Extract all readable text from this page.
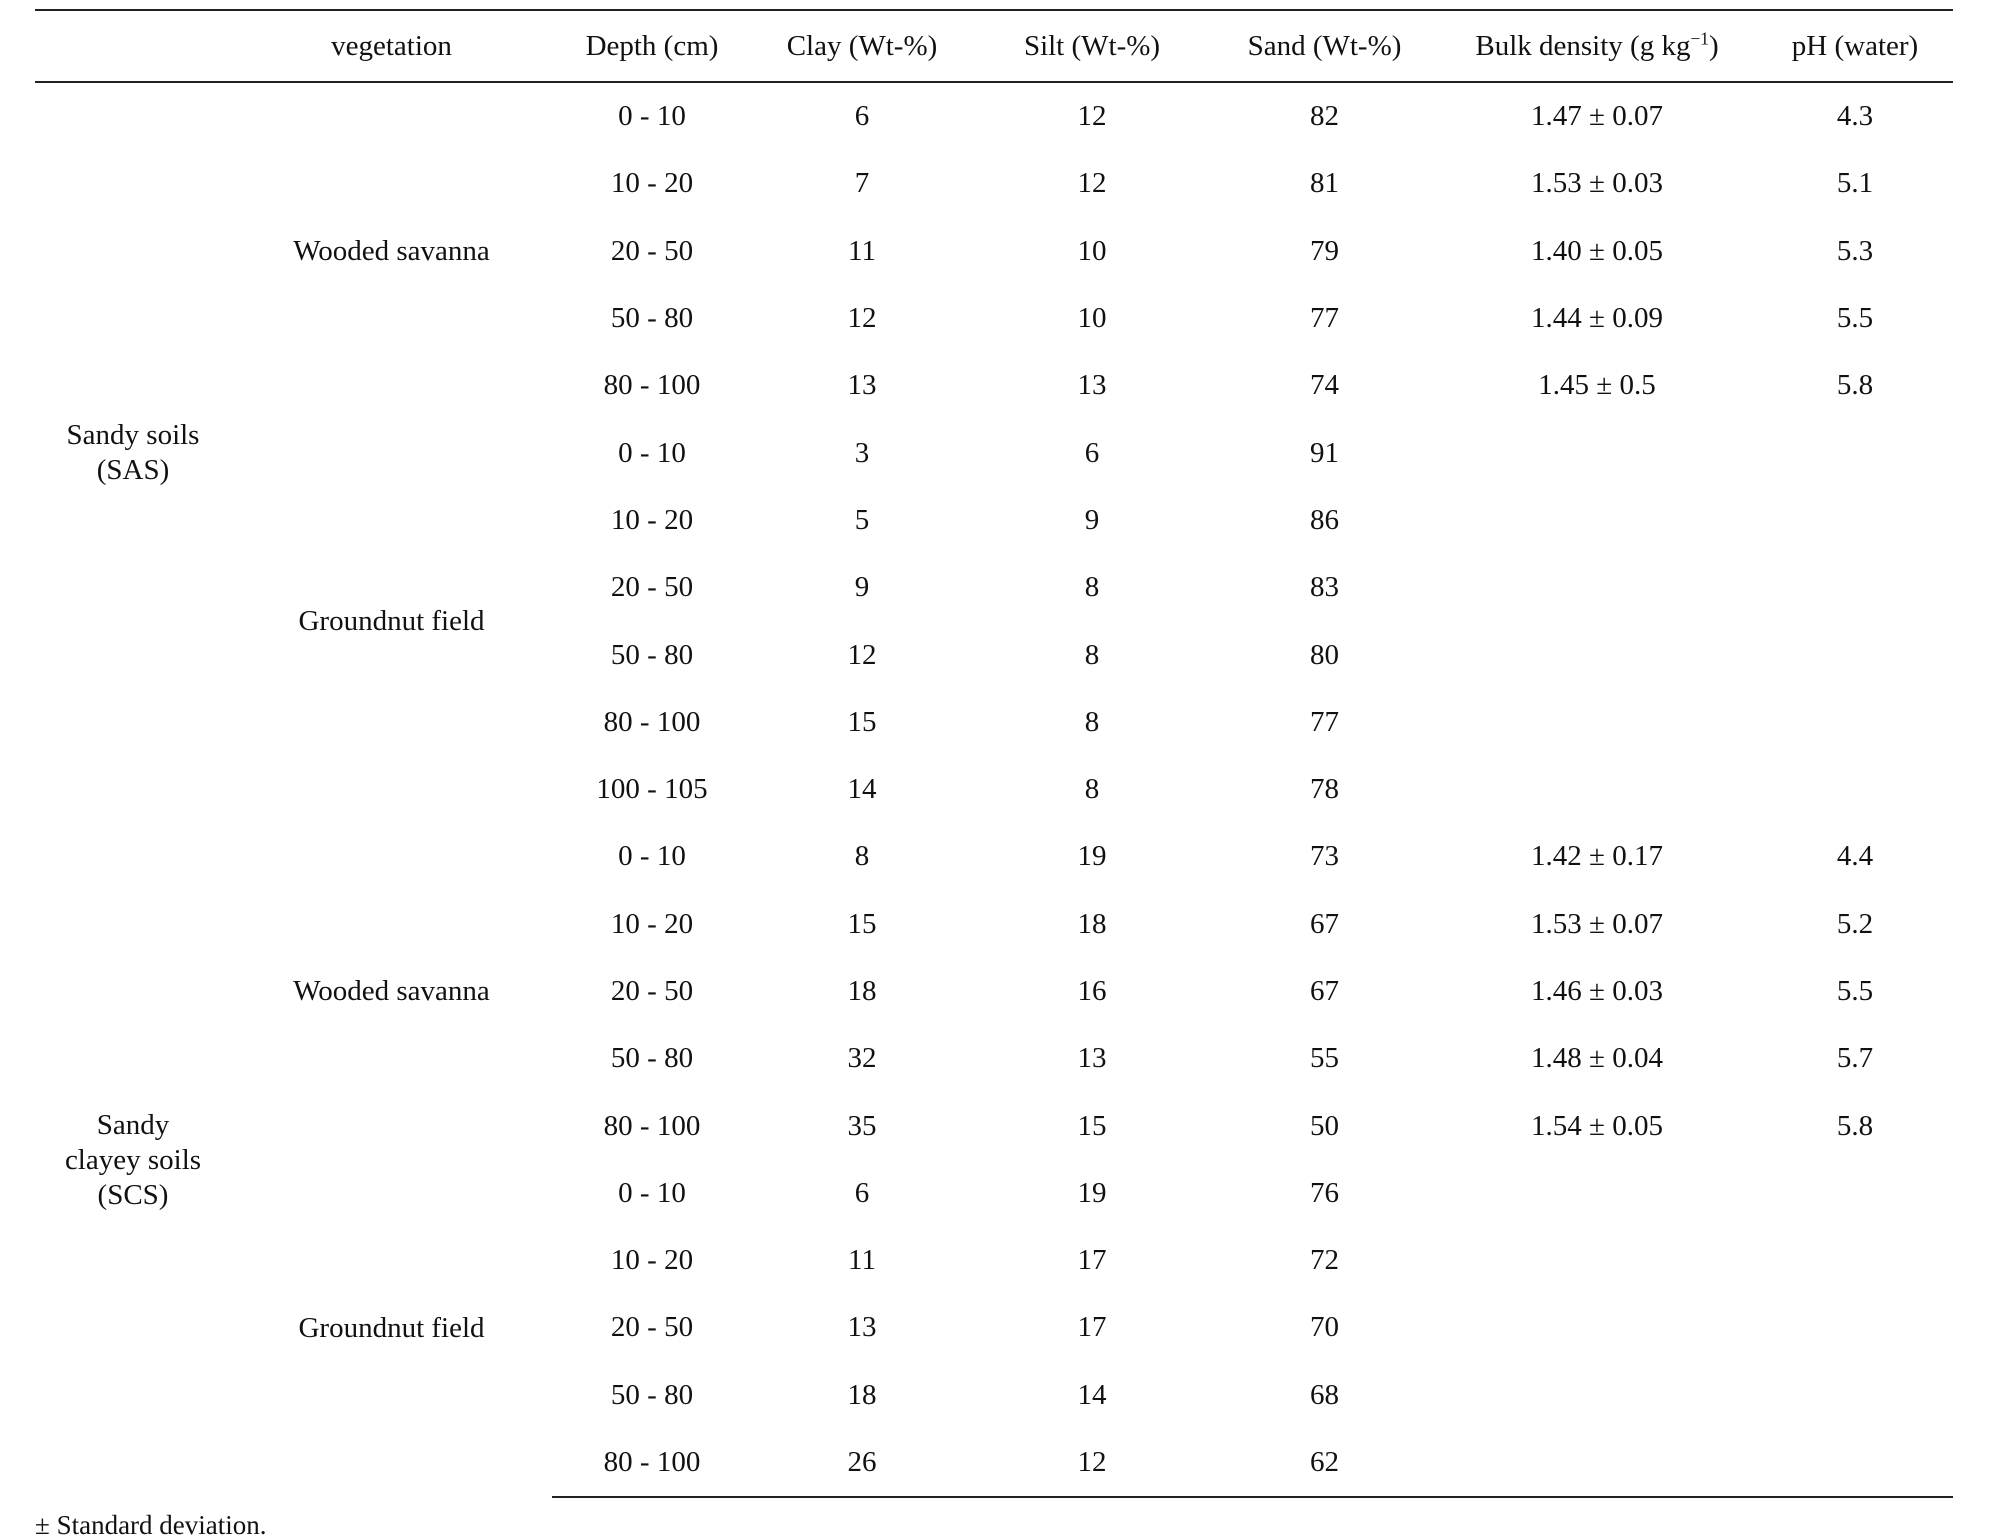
	vegetation	Depth (cm)	Clay (Wt-%)	Silt (Wt-%)	Sand (Wt-%)	Bulk density (g $kg^{-1}$)	pH (water)
Sandy soils
(SAS)	Wooded savanna	0 - 10	6	12	82	1.47 ± 0.07	4.3
		10 - 20	7	12	81	1.53 ± 0.03	5.1
		20 - 50	11	10	79	1.40 ± 0.05	5.3
		50 - 80	12	10	77	1.44 ± 0.09	5.5
		80 - 100	13	13	74	1.45 ± 0.5	5.8
	Groundnut field	0 - 10	3	6	91		
		10 - 20	5	9	86		
		20 - 50	9	8	83		
		50 - 80	12	8	80		
		80 - 100	15	8	77		
		100 - 105	14	8	78		
Sandy
clayey soils
(SCS)	Wooded savanna	0 - 10	8	19	73	1.42 ± 0.17	4.4
		10 - 20	15	18	67	1.53 ± 0.07	5.2
		20 - 50	18	16	67	1.46 ± 0.03	5.5
		50 - 80	32	13	55	1.48 ± 0.04	5.7
		80 - 100	35	15	50	1.54 ± 0.05	5.8
	Groundnut field	0 - 10	6	19	76		
		10 - 20	11	17	72		
		20 - 50	13	17	70		
		50 - 80	18	14	68		
		80 - 100	26	12	62		
± Standard deviation.
